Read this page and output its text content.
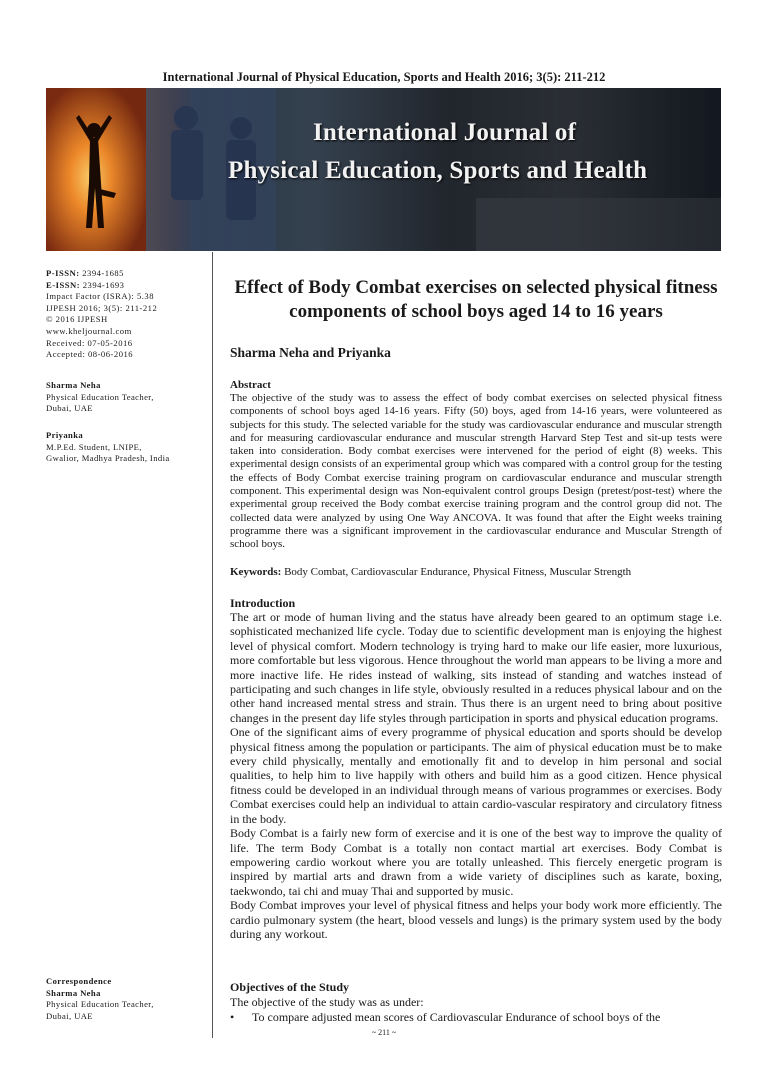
International Journal of Physical Education, Sports and Health 2016; 3(5): 211-212
International Journal of
Physical Education, Sports and Health
P-ISSN: 2394-1685
E-ISSN: 2394-1693
Impact Factor (ISRA): 5.38
IJPESH 2016; 3(5): 211-212
© 2016 IJPESH
www.kheljournal.com
Received: 07-05-2016
Accepted: 08-06-2016
Sharma Neha
Physical Education Teacher,
Dubai, UAE
Priyanka
M.P.Ed. Student, LNIPE,
Gwalior, Madhya Pradesh, India
Correspondence
Sharma Neha
Physical Education Teacher,
Dubai, UAE
Effect of Body Combat exercises on selected physical fitness components of school boys aged 14 to 16 years
Sharma Neha and Priyanka
Abstract
The objective of the study was to assess the effect of body combat exercises on selected physical fitness components of school boys aged 14-16 years. Fifty (50) boys, aged from 14-16 years, were volunteered as subjects for this study. The selected variable for the study was cardiovascular endurance and muscular strength and for measuring cardiovascular endurance and muscular strength Harvard Step Test and sit-up tests were taken into consideration. Body combat exercises were intervened for the period of eight (8) weeks. This experimental design consists of an experimental group which was compared with a control group for the testing the effects of Body Combat exercise training program on cardiovascular endurance and muscular strength component. This experimental design was Non-equivalent control groups Design (pretest/post-test) where the experimental group received the Body combat exercise training program and the control group did not. The collected data were analyzed by using One Way ANCOVA. It was found that after the Eight weeks training programme there was a significant improvement in the cardiovascular endurance and Muscular Strength of school boys.
Keywords: Body Combat, Cardiovascular Endurance, Physical Fitness, Muscular Strength
Introduction

The art or mode of human living and the status have already been geared to an optimum stage i.e. sophisticated mechanized life cycle. Today due to scientific development man is enjoying the highest level of physical comfort. Modern technology is trying hard to make our life easier, more luxurious, more comfortable but less vigorous. Hence throughout the world man appears to be living a more and more inactive life. He rides instead of walking, sits instead of standing and watches instead of participating and such changes in life style, obviously resulted in a reduces physical labour and on the other hand increased mental stress and strain. Thus there is an urgent need to bring about positive changes in the present day life styles through participation in sports and physical education programs.

One of the significant aims of every programme of physical education and sports should be develop physical fitness among the population or participants. The aim of physical education must be to make every child physically, mentally and emotionally fit and to develop in him personal and social qualities, to help him to live happily with others and build him as a good citizen. Hence physical fitness could be developed in an individual through means of various programmes or exercises. Body Combat exercises could help an individual to attain cardio-vascular respiratory and circulatory fitness in the body.

Body Combat is a fairly new form of exercise and it is one of the best way to improve the quality of life. The term Body Combat is a totally non contact martial art exercises. Body Combat is empowering cardio workout where you are totally unleashed. This fiercely energetic program is inspired by martial arts and drawn from a wide variety of disciplines such as karate, boxing, taekwondo, tai chi and muay Thai and supported by music.

Body Combat improves your level of physical fitness and helps your body work more efficiently. The cardio pulmonary system (the heart, blood vessels and lungs) is the primary system used by the body during any workout.

Objectives of the Study
The objective of the study was as under:
• To compare adjusted mean scores of Cardiovascular Endurance of school boys of the
~ 211 ~
